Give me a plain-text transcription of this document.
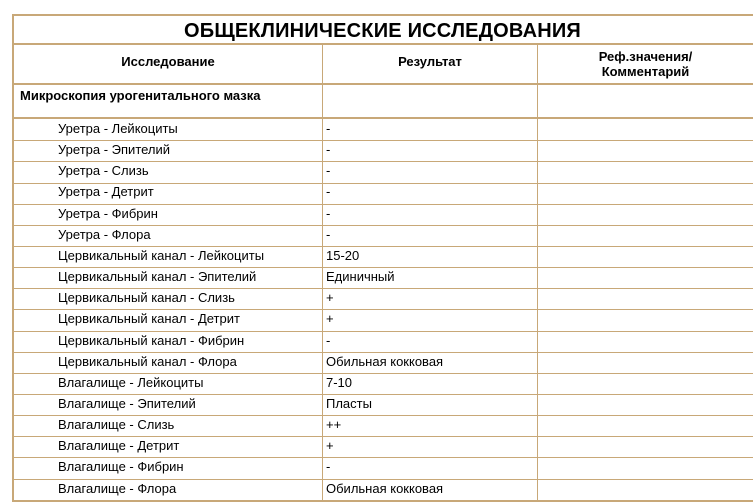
ОБЩЕКЛИНИЧЕСКИЕ ИССЛЕДОВАНИЯ
Исследование	Результат	Реф.значения/
Комментарий
Микроскопия урогенитального мазка
Уретра - Лейкоциты	-
Уретра - Эпителий	-
Уретра - Слизь	-
Уретра - Детрит	-
Уретра - Фибрин	-
Уретра - Флора	-
Цервикальный канал - Лейкоциты	15-20
Цервикальный канал - Эпителий	Единичный
Цервикальный канал - Слизь	+
Цервикальный канал - Детрит	+
Цервикальный канал - Фибрин	-
Цервикальный канал - Флора	Обильная кокковая
Влагалище - Лейкоциты	7-10
Влагалище - Эпителий	Пласты
Влагалище - Слизь	++
Влагалище - Детрит	+
Влагалище - Фибрин	-
Влагалище - Флора	Обильная кокковая
